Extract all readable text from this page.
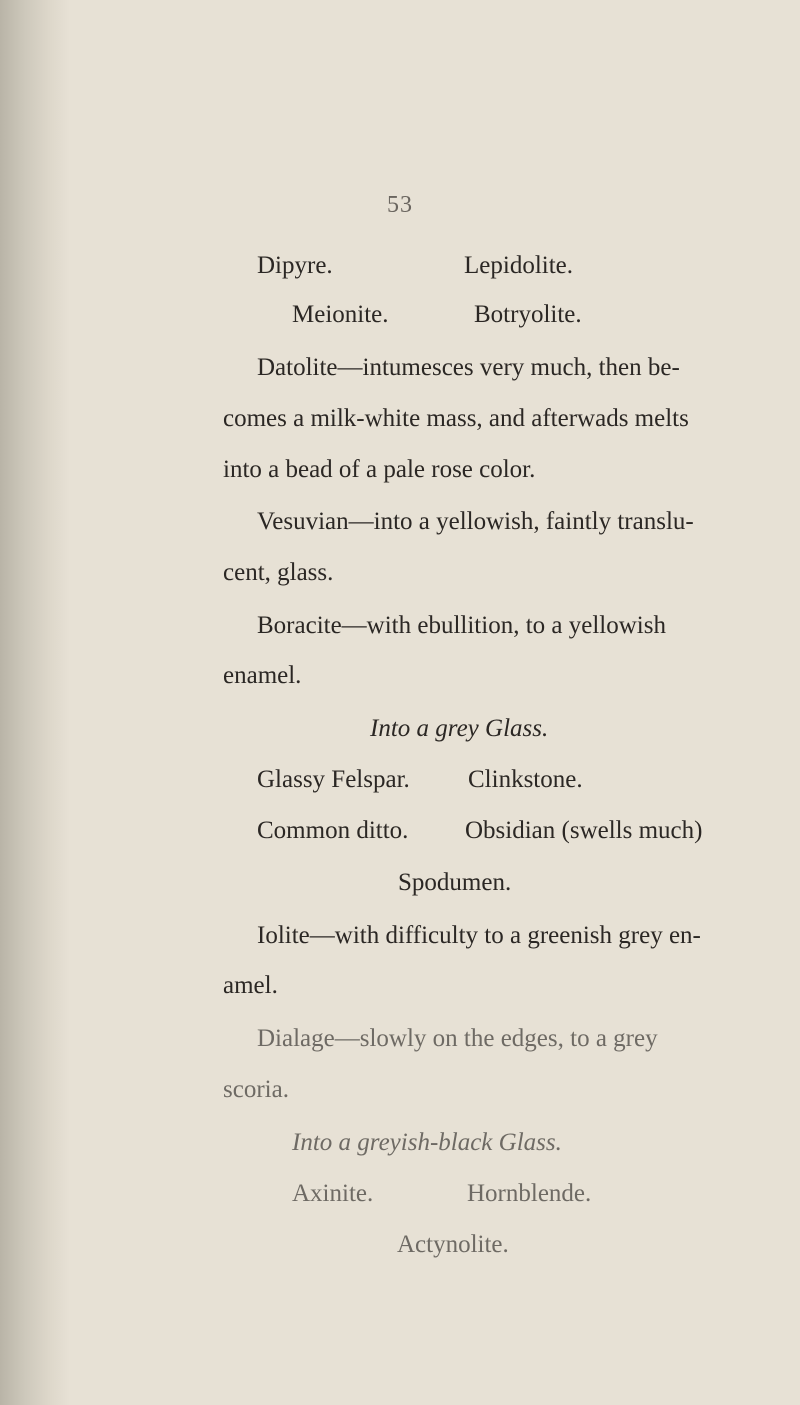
53
Dipyre.	Lepidolite.
Meionite.	Botryolite.
Datolite—intumesces very much, then be-
comes a milk-white mass, and afterwads melts
into a bead of a pale rose color.
Vesuvian—into a yellowish, faintly translu-
cent, glass.
Boracite—with ebullition, to a yellowish
enamel.
Into a grey Glass.
Glassy Felspar. Clinkstone.
Common ditto. Obsidian (swells much)
Spodumen.
Iolite—with difficulty to a greenish grey en-
amel.
Dialage—slowly on the edges, to a grey
scoria.
Into a greyish-black Glass.
Axinite.	Hornblende.
Actynolite.
